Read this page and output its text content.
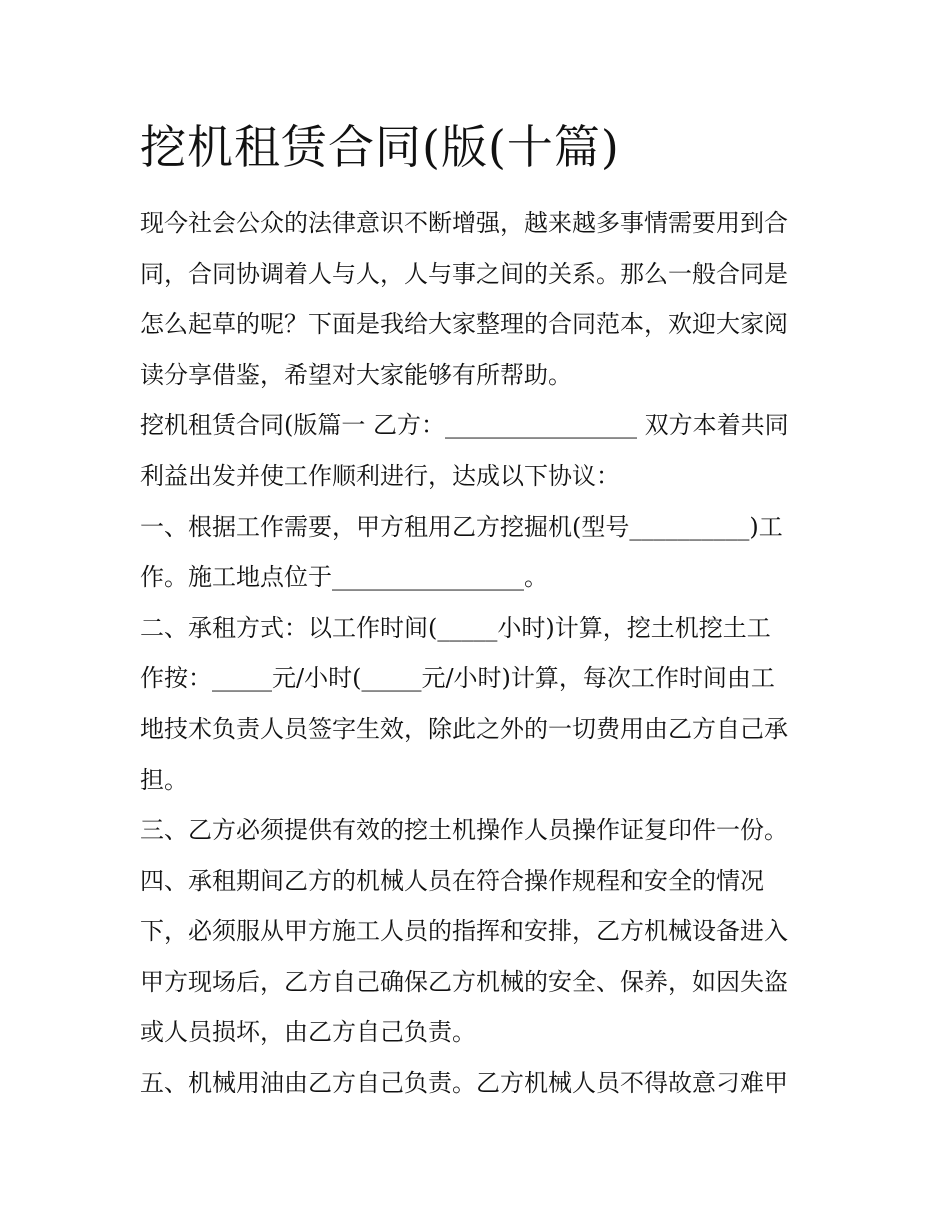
挖机租赁合同(版(十篇)

现今社会公众的法律意识不断增强，越来越多事情需要用到合

同，合同协调着人与人，人与事之间的关系。那么一般合同是

怎么起草的呢？下面是我给大家整理的合同范本，欢迎大家阅

读分享借鉴，希望对大家能够有所帮助。

挖机租赁合同(版篇一 乙方：________________ 双方本着共同

利益出发并使工作顺利进行，达成以下协议：

一、根据工作需要，甲方租用乙方挖掘机(型号__________)工

作。施工地点位于________________。

二、承租方式：以工作时间(_____小时)计算，挖土机挖土工

作按：_____元/小时(_____元/小时)计算，每次工作时间由工

地技术负责人员签字生效，除此之外的一切费用由乙方自己承

担。

三、乙方必须提供有效的挖土机操作人员操作证复印件一份。

四、承租期间乙方的机械人员在符合操作规程和安全的情况

下，必须服从甲方施工人员的指挥和安排，乙方机械设备进入

甲方现场后，乙方自己确保乙方机械的安全、保养，如因失盗

或人员损坏，由乙方自己负责。

五、机械用油由乙方自己负责。乙方机械人员不得故意刁难甲
